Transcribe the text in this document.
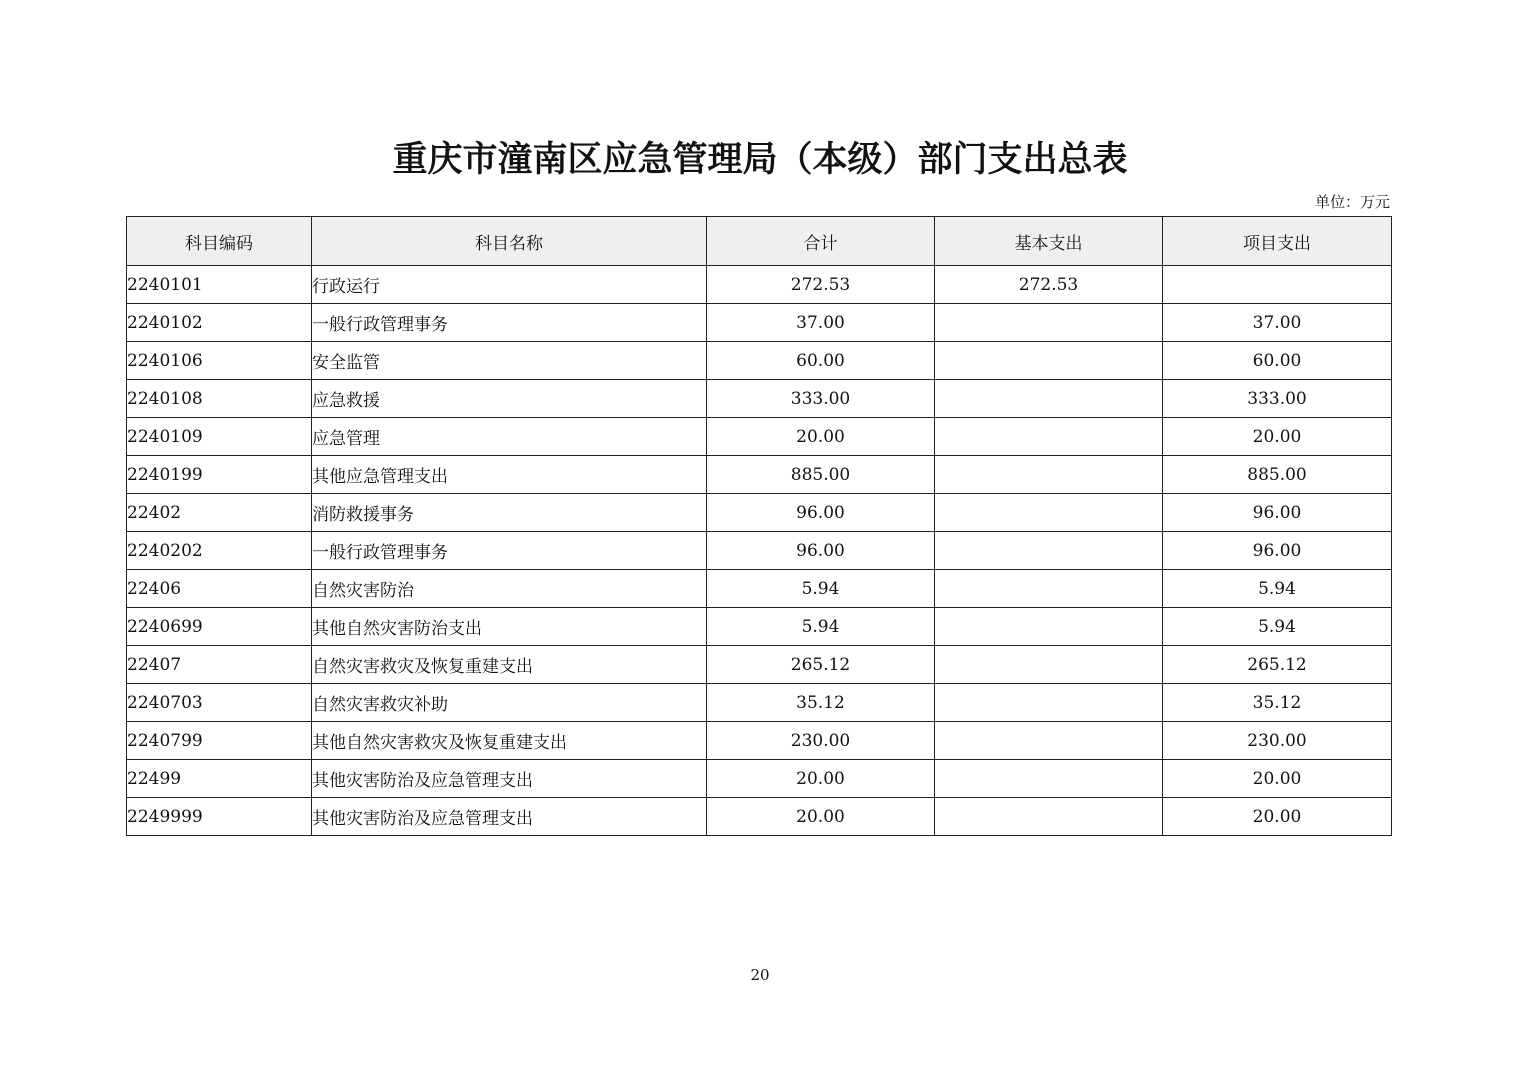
重庆市潼南区应急管理局（本级）部门支出总表
单位：万元
科目编码	科目名称	合计	基本支出	项目支出
2240101	行政运行	272.53	272.53	
2240102	一般行政管理事务	37.00		37.00
2240106	安全监管	60.00		60.00
2240108	应急救援	333.00		333.00
2240109	应急管理	20.00		20.00
2240199	其他应急管理支出	885.00		885.00
22402	消防救援事务	96.00		96.00
2240202	一般行政管理事务	96.00		96.00
22406	自然灾害防治	5.94		5.94
2240699	其他自然灾害防治支出	5.94		5.94
22407	自然灾害救灾及恢复重建支出	265.12		265.12
2240703	自然灾害救灾补助	35.12		35.12
2240799	其他自然灾害救灾及恢复重建支出	230.00		230.00
22499	其他灾害防治及应急管理支出	20.00		20.00
2249999	其他灾害防治及应急管理支出	20.00		20.00
20
